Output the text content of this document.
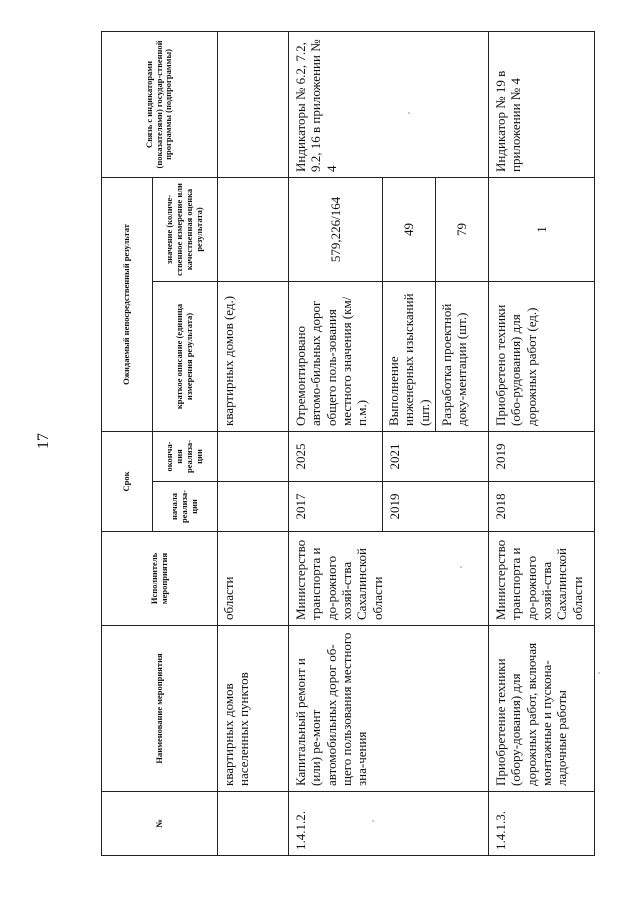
17
№	Наименование мероприятия	Исполнитель мероприятия	Срок		Ожидаемый непосредственный результат		Связь с индикаторами (показателями) государ-ственной программы (подпрограммы)
			начала реализа-ции	оконча-ния реализа-ции	краткое описание (единица измерения результата)	значение (количе-ственное измерение или качественная оценка результата)	
	квартирных домов населенных пунктов	области			квартирных домов (ед.)		
1.4.1.2.	Капитальный ремонт и (или) ре-монт автомобильных дорог об-щего пользования местного зна-чения	Министерство транспорта и до-рожного хозяй-ства Сахалинской области	2017	2025	Отремонтировано автомо-бильных дорог общего поль-зования местного значения (км/п.м.)	579,226/164	Индикаторы № 6.2, 7.2, 9.2, 16 в приложении № 4
			2019	2021	Выполнение инженерных изысканий (шт.)	49	
					Разработка проектной доку-ментации (шт.)	79	
1.4.1.3.	Приобретение техники (обору-дования) для дорожных работ, включая монтажные и пускона-ладочные работы	Министерство транспорта и до-рожного хозяй-ства Сахалинской области	2018	2019	Приобретено техники (обо-рудования) для дорожных работ (ед.)	1	Индикатор № 19 в приложении № 4
